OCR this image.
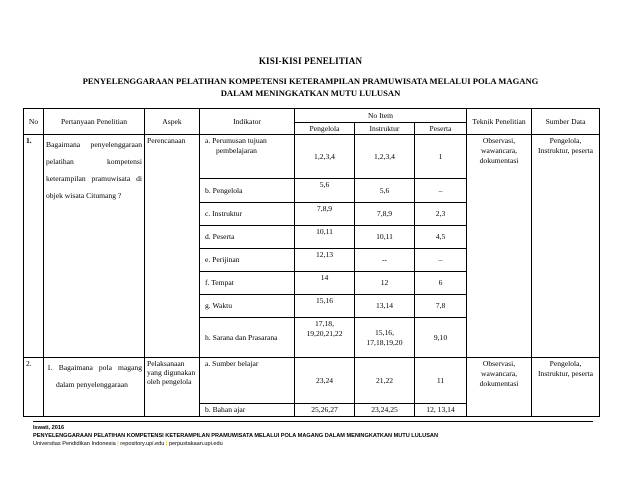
KISI-KISI PENELITIAN
PENYELENGGARAAN PELATIHAN KOMPETENSI KETERAMPILAN PRAMUWISATA MELALUI POLA MAGANG
DALAM MENINGKATKAN MUTU LULUSAN
No	Pertanyaan Penelitian	Aspek	Indikator	No Item			Teknik Penelitian	Sumber Data
				Pengelola	Instruktur	Peserta		
1.	Bagaimana penyelenggaraan pelatihan kompetensi keterampilan pramuwisata di objek wisata Citumang ?	Perencanaan	a. Perumusan tujuan pembelajaran	1,2,3,4	1,2,3,4	1	Observasi, wawancara, dokumentasi	Pengelola, Instruktur, peserta
			b. Pengelola	5,6	5,6	–		
			c. Instruktur	7,8,9	7,8,9	2,3		
			d. Peserta	10,11	10,11	4,5		
			e. Perijinan	12,13	--	–		
			f. Tempat	14	12	6		
			g. Waktu	15,16	13,14	7,8		
			h. Sarana dan Prasarana	17,18, 19,20,21,22	15,16, 17,18,19,20	9,10		
2.	1. Bagaimana pola magang dalam penyelenggaraan	Pelaksanaan yang digunakan oleh pengelola	a. Sumber belajar	23,24	21,22	11	Observasi, wawancara, dokumentasi	Pengelola, Instruktur, peserta
			b. Bahan ajar	25,26,27	23,24,25	12, 13,14		
Iswati, 2016
PENYELENGGARAAN PELATIHAN KOMPETENSI KETERAMPILAN PRAMUWISATA MELALUI POLA MAGANG DALAM MENINGKATKAN MUTU LULUSAN
Universitas Pendidikan Indonesia | repository.upi.edu | perpustakaan.upi.edu
